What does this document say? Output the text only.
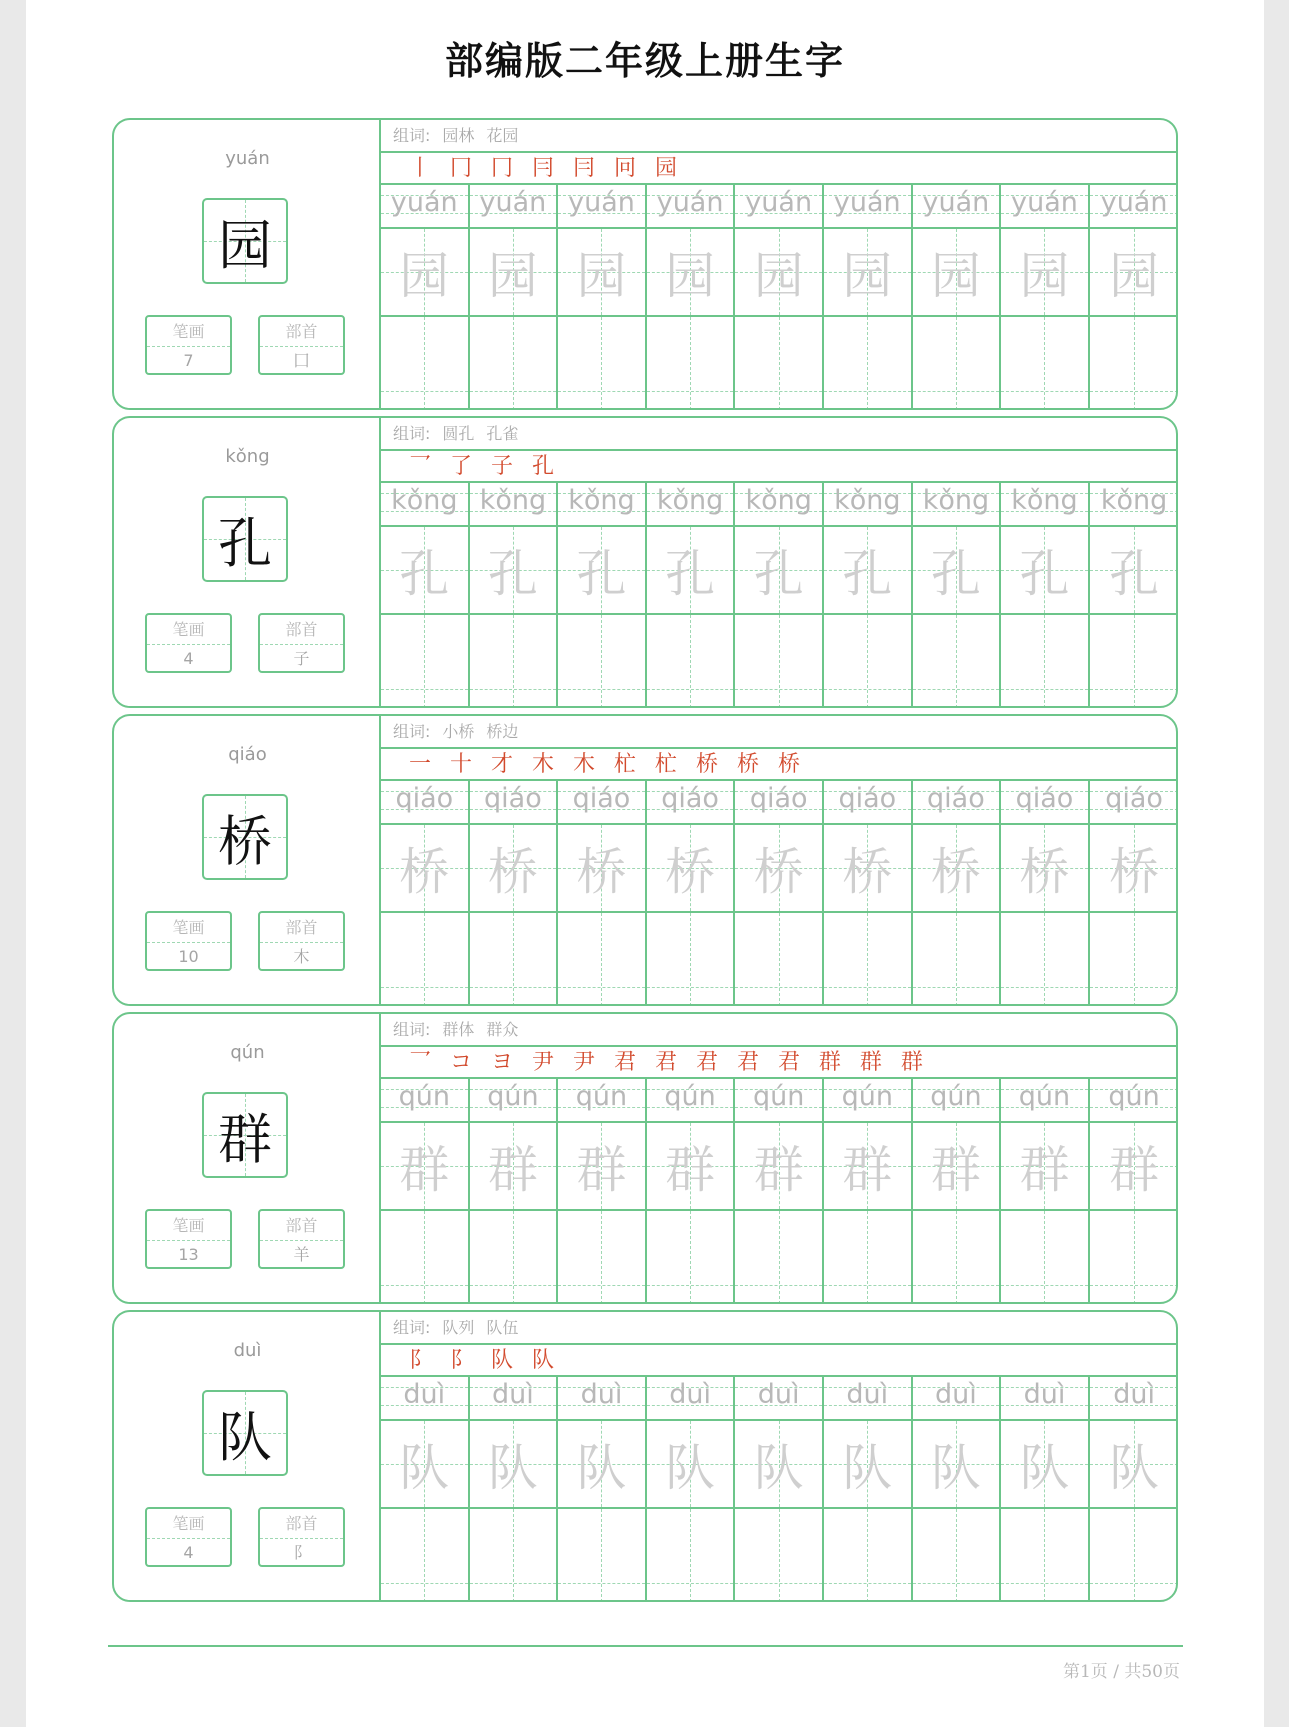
部编版二年级上册生字
yuán
园
笔画
7
部首
囗
组词: 园林 花园
丨 冂 冂 冃 冃 冋 园
yuán
园
yuán
园
yuán
园
yuán
园
yuán
园
yuán
园
yuán
园
yuán
园
yuán
园
kǒng
孔
笔画
4
部首
子
组词: 圆孔 孔雀
乛 了 子 孔
kǒng
孔
kǒng
孔
kǒng
孔
kǒng
孔
kǒng
孔
kǒng
孔
kǒng
孔
kǒng
孔
kǒng
孔
qiáo
桥
笔画
10
部首
木
组词: 小桥 桥边
一 十 才 木 木 杧 杧 桥 桥 桥
qiáo
桥
qiáo
桥
qiáo
桥
qiáo
桥
qiáo
桥
qiáo
桥
qiáo
桥
qiáo
桥
qiáo
桥
qún
群
笔画
13
部首
羊
组词: 群体 群众
乛 コ ヨ 尹 尹 君 君 君 君 君 群 群 群
qún
群
qún
群
qún
群
qún
群
qún
群
qún
群
qún
群
qún
群
qún
群
duì
队
笔画
4
部首
阝
组词: 队列 队伍
阝 阝 队 队
duì
队
duì
队
duì
队
duì
队
duì
队
duì
队
duì
队
duì
队
duì
队
第1页 / 共50页
